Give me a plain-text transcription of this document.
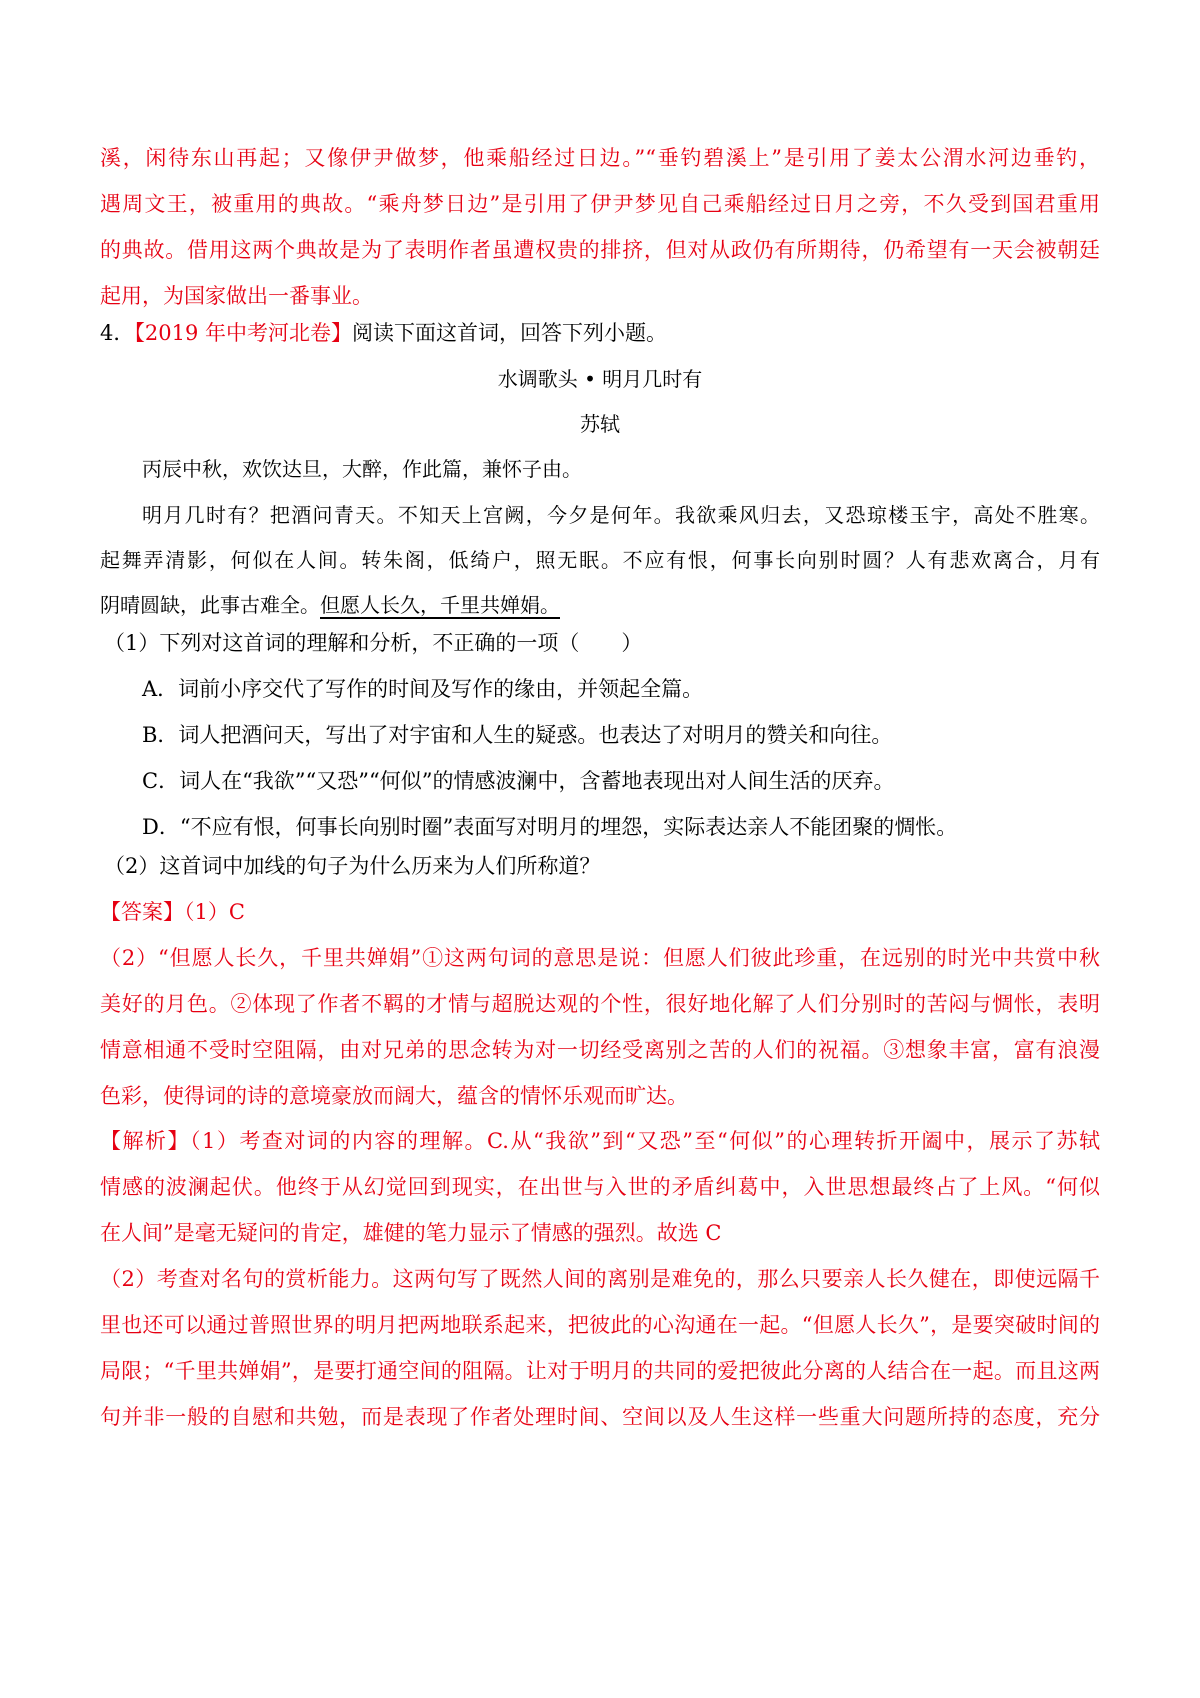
溪，闲待东山再起；又像伊尹做梦，他乘船经过日边。”“垂钓碧溪上”是引用了姜太公渭水河边垂钓，
遇周文王，被重用的典故。“乘舟梦日边”是引用了伊尹梦见自己乘船经过日月之旁，不久受到国君重用
的典故。借用这两个典故是为了表明作者虽遭权贵的排挤，但对从政仍有所期待，仍希望有一天会被朝廷
起用，为国家做出一番事业。
4．【2019 年中考河北卷】阅读下面这首词，回答下列小题。
水调歌头 • 明月几时有
苏轼
丙辰中秋，欢饮达旦，大醉，作此篇，兼怀子由。
明月几时有？把酒问青天。不知天上宫阙，今夕是何年。我欲乘风归去，又恐琼楼玉宇，高处不胜寒。
起舞弄清影，何似在人间。转朱阁，低绮户，照无眠。不应有恨，何事长向别时圆？人有悲欢离合，月有
阴晴圆缺，此事古难全。但愿人长久，千里共婵娟。
（1）下列对这首词的理解和分析，不正确的一项（　　）
A．词前小序交代了写作的时间及写作的缘由，并领起全篇。
B．词人把酒问天，写出了对宇宙和人生的疑惑。也表达了对明月的赞关和向往。
C．词人在“我欲”“又恐”“何似”的情感波澜中，含蓄地表现出对人间生活的厌弃。
D．“不应有恨，何事长向别时圈”表面写对明月的埋怨，实际表达亲人不能团聚的惆怅。
（2）这首词中加线的句子为什么历来为人们所称道？
【答案】（1）C
（2）“但愿人长久，千里共婵娟”①这两句词的意思是说：但愿人们彼此珍重，在远别的时光中共赏中秋
美好的月色。②体现了作者不羁的才情与超脱达观的个性，很好地化解了人们分别时的苦闷与惆怅，表明
情意相通不受时空阻隔，由对兄弟的思念转为对一切经受离别之苦的人们的祝福。③想象丰富，富有浪漫
色彩，使得词的诗的意境豪放而阔大，蕴含的情怀乐观而旷达。
【解析】（1）考查对词的内容的理解。C.从“我欲”到“又恐”至“何似”的心理转折开阖中，展示了苏轼
情感的波澜起伏。他终于从幻觉回到现实，在出世与入世的矛盾纠葛中，入世思想最终占了上风。“何似
在人间”是毫无疑问的肯定，雄健的笔力显示了情感的强烈。故选 C
（2）考查对名句的赏析能力。这两句写了既然人间的离别是难免的，那么只要亲人长久健在，即使远隔千
里也还可以通过普照世界的明月把两地联系起来，把彼此的心沟通在一起。“但愿人长久”，是要突破时间的
局限；“千里共婵娟”，是要打通空间的阻隔。让对于明月的共同的爱把彼此分离的人结合在一起。而且这两
句并非一般的自慰和共勉，而是表现了作者处理时间、空间以及人生这样一些重大问题所持的态度，充分
